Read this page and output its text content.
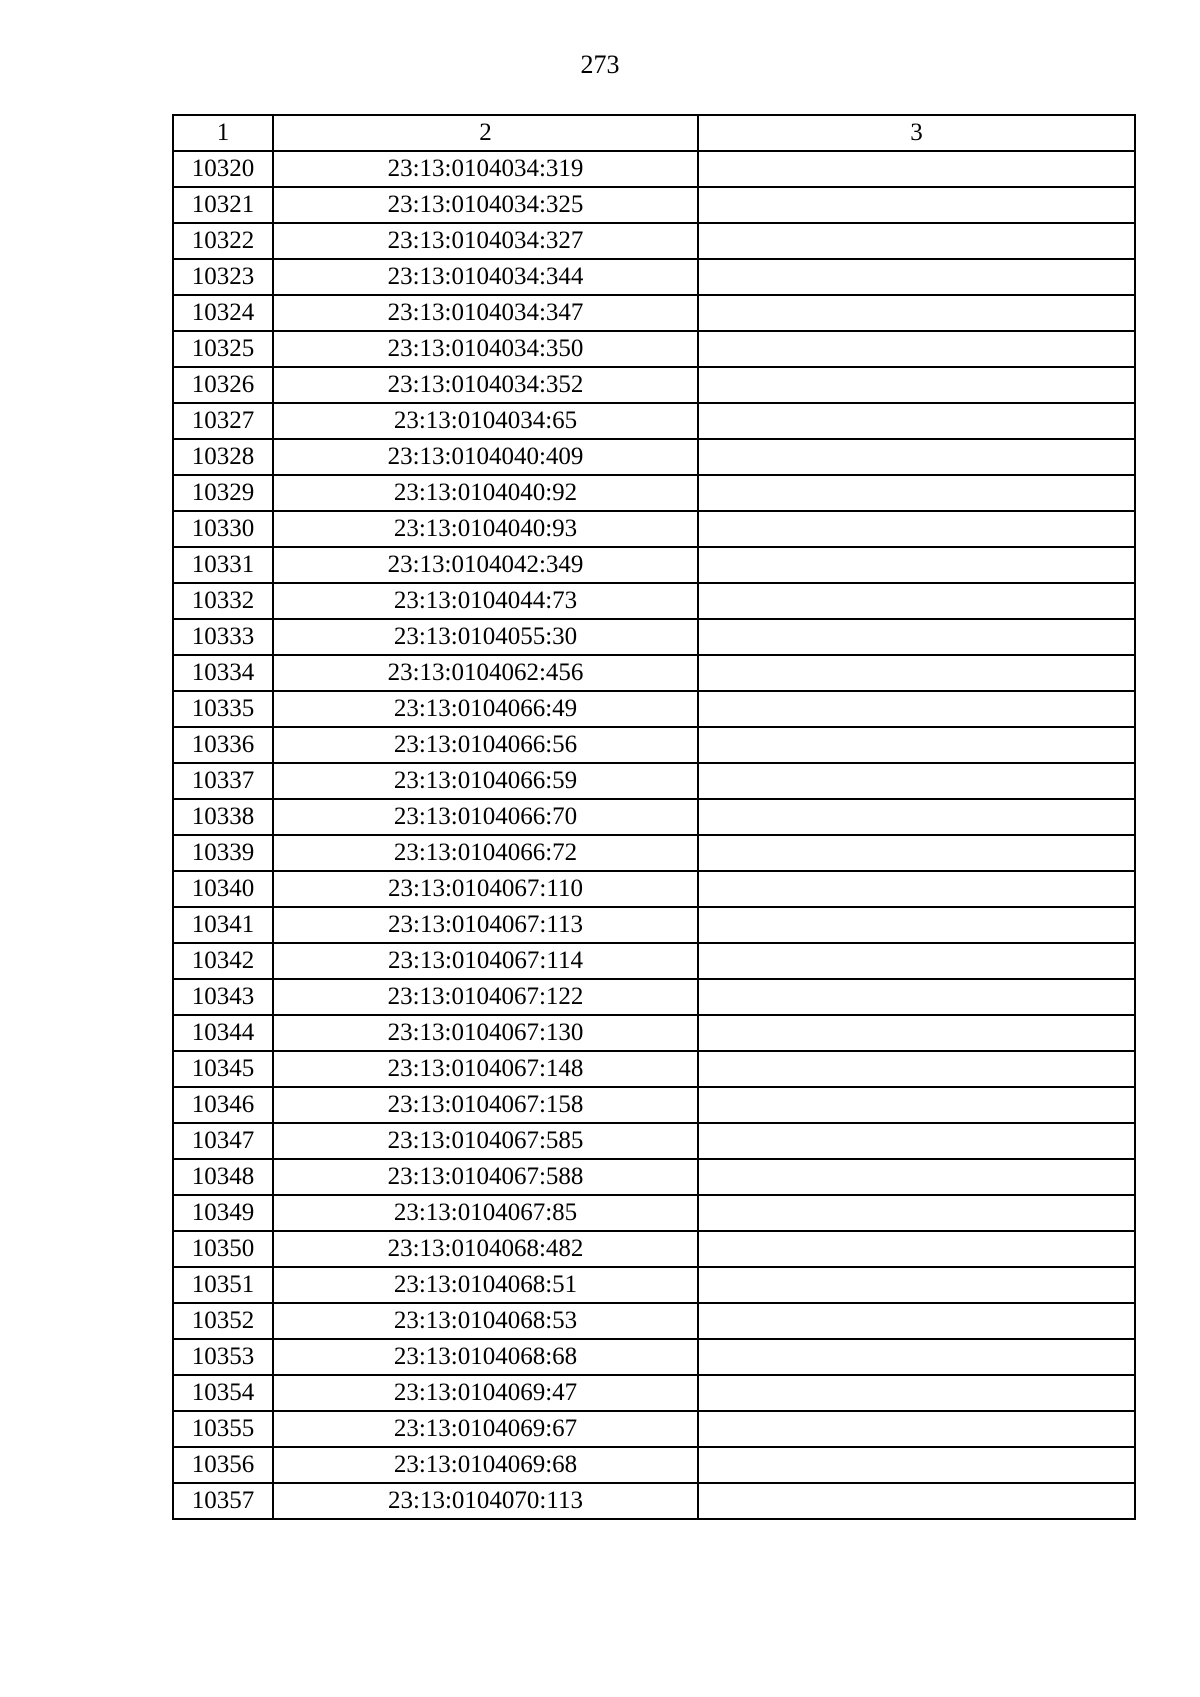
273
1	2	3
10320	23:13:0104034:319	
10321	23:13:0104034:325	
10322	23:13:0104034:327	
10323	23:13:0104034:344	
10324	23:13:0104034:347	
10325	23:13:0104034:350	
10326	23:13:0104034:352	
10327	23:13:0104034:65	
10328	23:13:0104040:409	
10329	23:13:0104040:92	
10330	23:13:0104040:93	
10331	23:13:0104042:349	
10332	23:13:0104044:73	
10333	23:13:0104055:30	
10334	23:13:0104062:456	
10335	23:13:0104066:49	
10336	23:13:0104066:56	
10337	23:13:0104066:59	
10338	23:13:0104066:70	
10339	23:13:0104066:72	
10340	23:13:0104067:110	
10341	23:13:0104067:113	
10342	23:13:0104067:114	
10343	23:13:0104067:122	
10344	23:13:0104067:130	
10345	23:13:0104067:148	
10346	23:13:0104067:158	
10347	23:13:0104067:585	
10348	23:13:0104067:588	
10349	23:13:0104067:85	
10350	23:13:0104068:482	
10351	23:13:0104068:51	
10352	23:13:0104068:53	
10353	23:13:0104068:68	
10354	23:13:0104069:47	
10355	23:13:0104069:67	
10356	23:13:0104069:68	
10357	23:13:0104070:113	
